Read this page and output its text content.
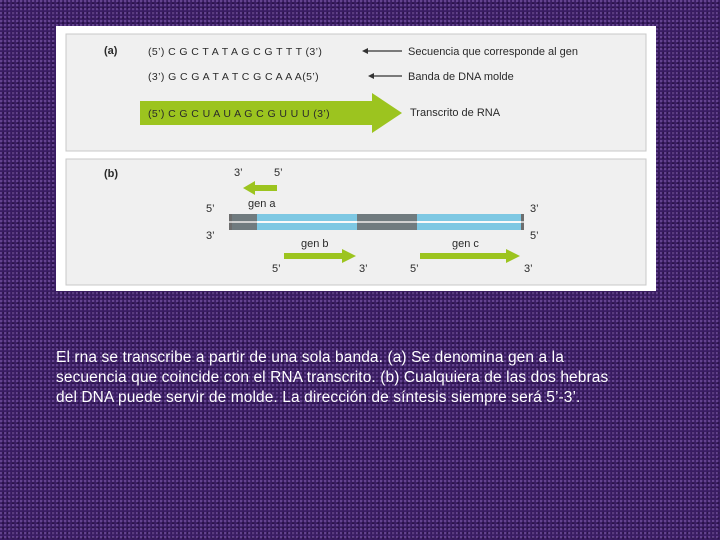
(a)	(5’) C G C T A T A G C G T T T (3’)	Secuencia que corresponde al gen
(3’) G C G A T A T C G C A A A(5’)	Banda de DNA molde
(5’) C G C U A U A G C G U U U (3’)	Transcrito de RNA
(b)
5’	3’
3’	5’
3’	5’
gen a
gen b
5’	3’
gen c
5’	3’
El rna se transcribe a partir de una sola banda. (a) Se denomina gen a la
secuencia que coincide con el RNA transcrito. (b) Cualquiera de las dos hebras
del DNA puede servir de molde. La dirección de síntesis siempre será 5’-3’.
